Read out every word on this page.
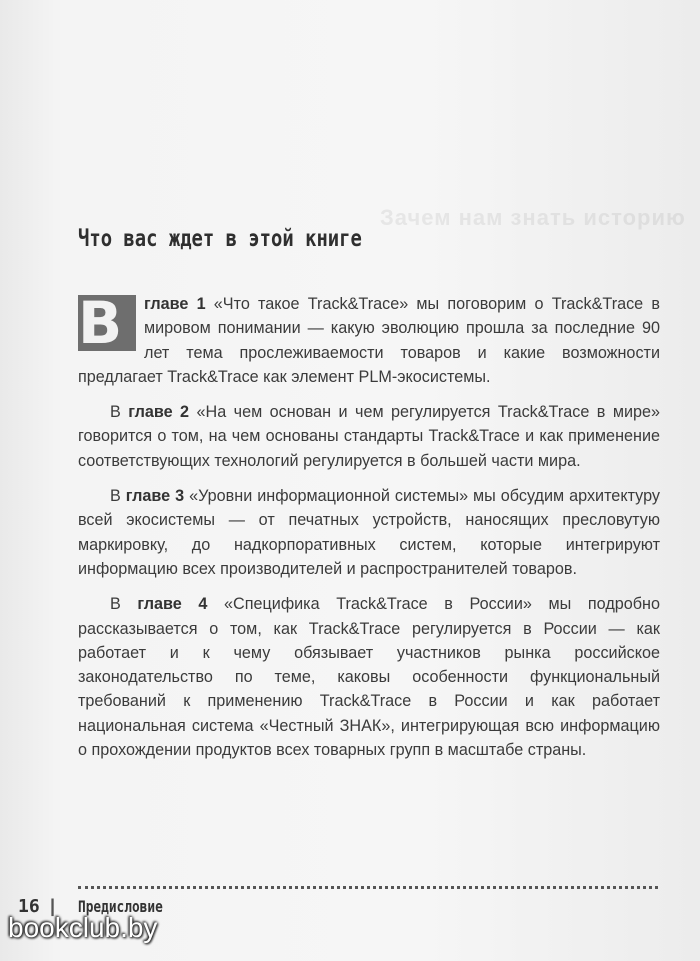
Зачем нам знать историю
Что вас ждет в этой книге

В	главе 1 «Что такое Track&Trace» мы поговорим о Track&Trace в мировом понимании — какую эволюцию прошла за последние 90 лет тема прослеживаемости товаров и какие возможности предлагает Track&Trace как элемент PLM-экосистемы.

В главе 2 «На чем основан и чем регулируется Track&Trace в мире» говорится о том, на чем основаны стандарты Track&Trace и как применение соответствующих технологий регулируется в большей части мира.

В главе 3 «Уровни информационной системы» мы обсудим архитектуру всей экосистемы — от печатных устройств, наносящих пресловутую маркировку, до надкорпоративных систем, которые интегрируют информацию всех производителей и распространителей товаров.

В главе 4 «Специфика Track&Trace в России» мы подробно рассказывается о том, как Track&Trace регулируется в России — как работает и к чему обязывает участников рынка российское законодательство по теме, каковы особенности функциональный требований к применению Track&Trace в России и как работает национальная система «Честный ЗНАК», интегрирующая всю информацию о прохождении продуктов всех товарных групп в масштабе страны.

16 | Предисловие
bookclub.by
